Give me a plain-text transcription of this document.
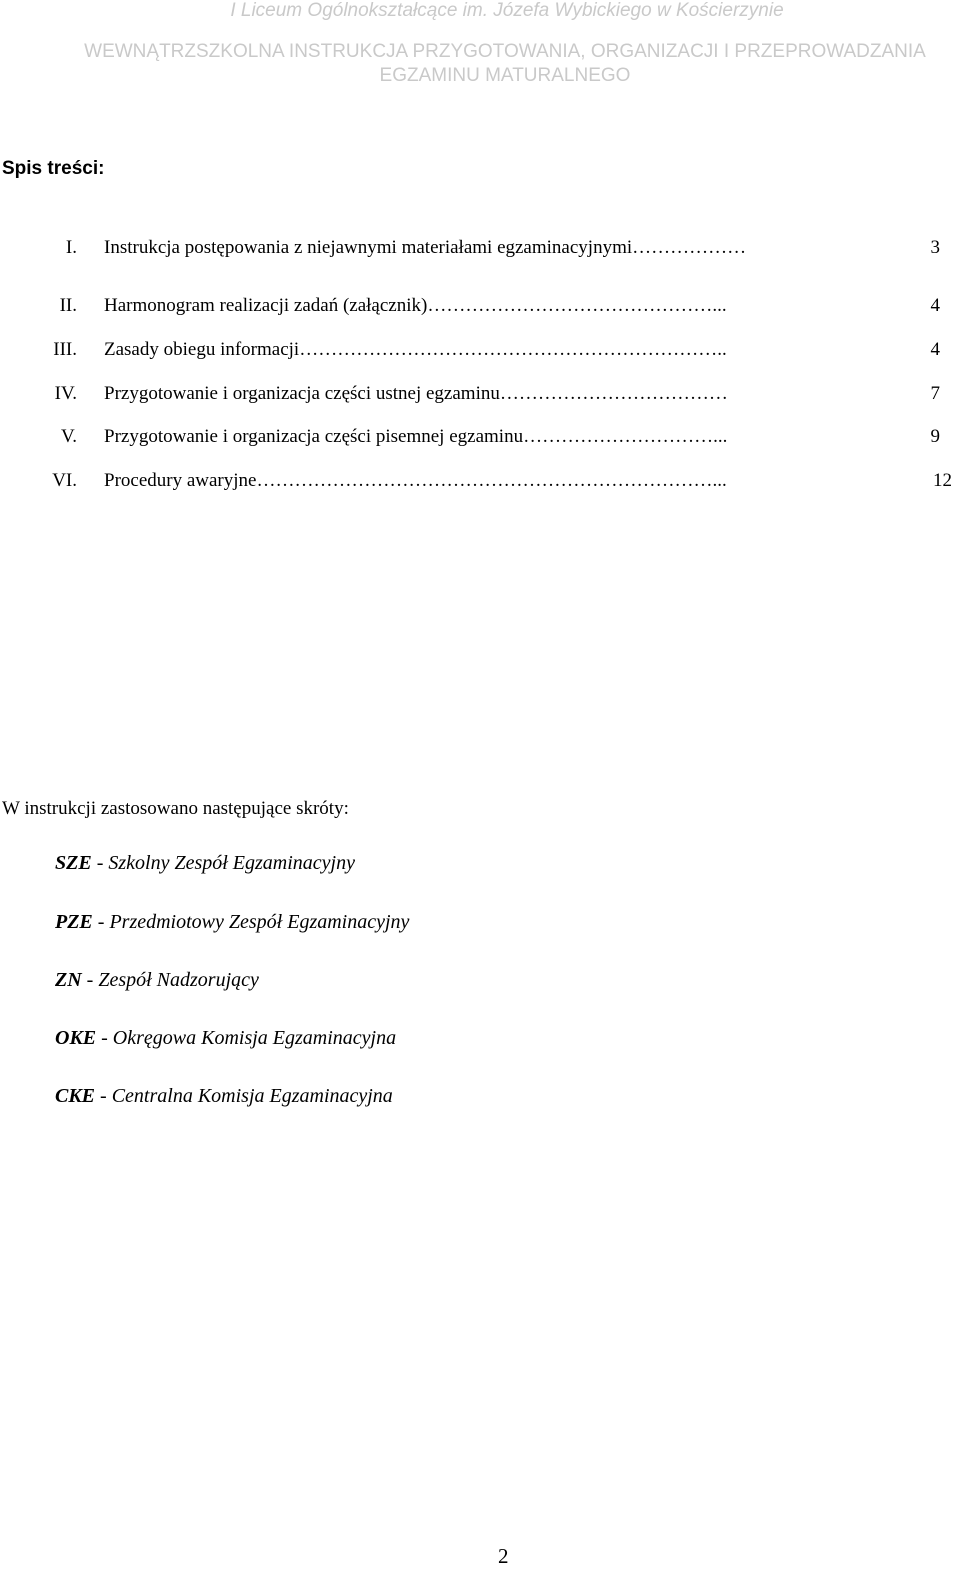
I Liceum Ogólnokształcące im. Józefa Wybickiego w Kościerzynie
WEWNĄTRZSZKOLNA INSTRUKCJA PRZYGOTOWANIA, ORGANIZACJI I PRZEPROWADZANIA
EGZAMINU MATURALNEGO
Spis treści:
I. Instrukcja postępowania z niejawnymi materiałami egzaminacyjnymi………………	3
II. Harmonogram realizacji zadań (załącznik)………………………………………...	4
III. Zasady obiegu informacji…………………………………………………………..	4
IV. Przygotowanie i organizacja części ustnej egzaminu………………………………	7
V. Przygotowanie i organizacja części pisemnej egzaminu…………………………...	9
VI. Procedury awaryjne………………………………………………………………...	12
W instrukcji zastosowano następujące skróty:
SZE - Szkolny Zespół Egzaminacyjny
PZE - Przedmiotowy Zespół Egzaminacyjny
ZN - Zespół Nadzorujący
OKE - Okręgowa Komisja Egzaminacyjna
CKE - Centralna Komisja Egzaminacyjna
2
